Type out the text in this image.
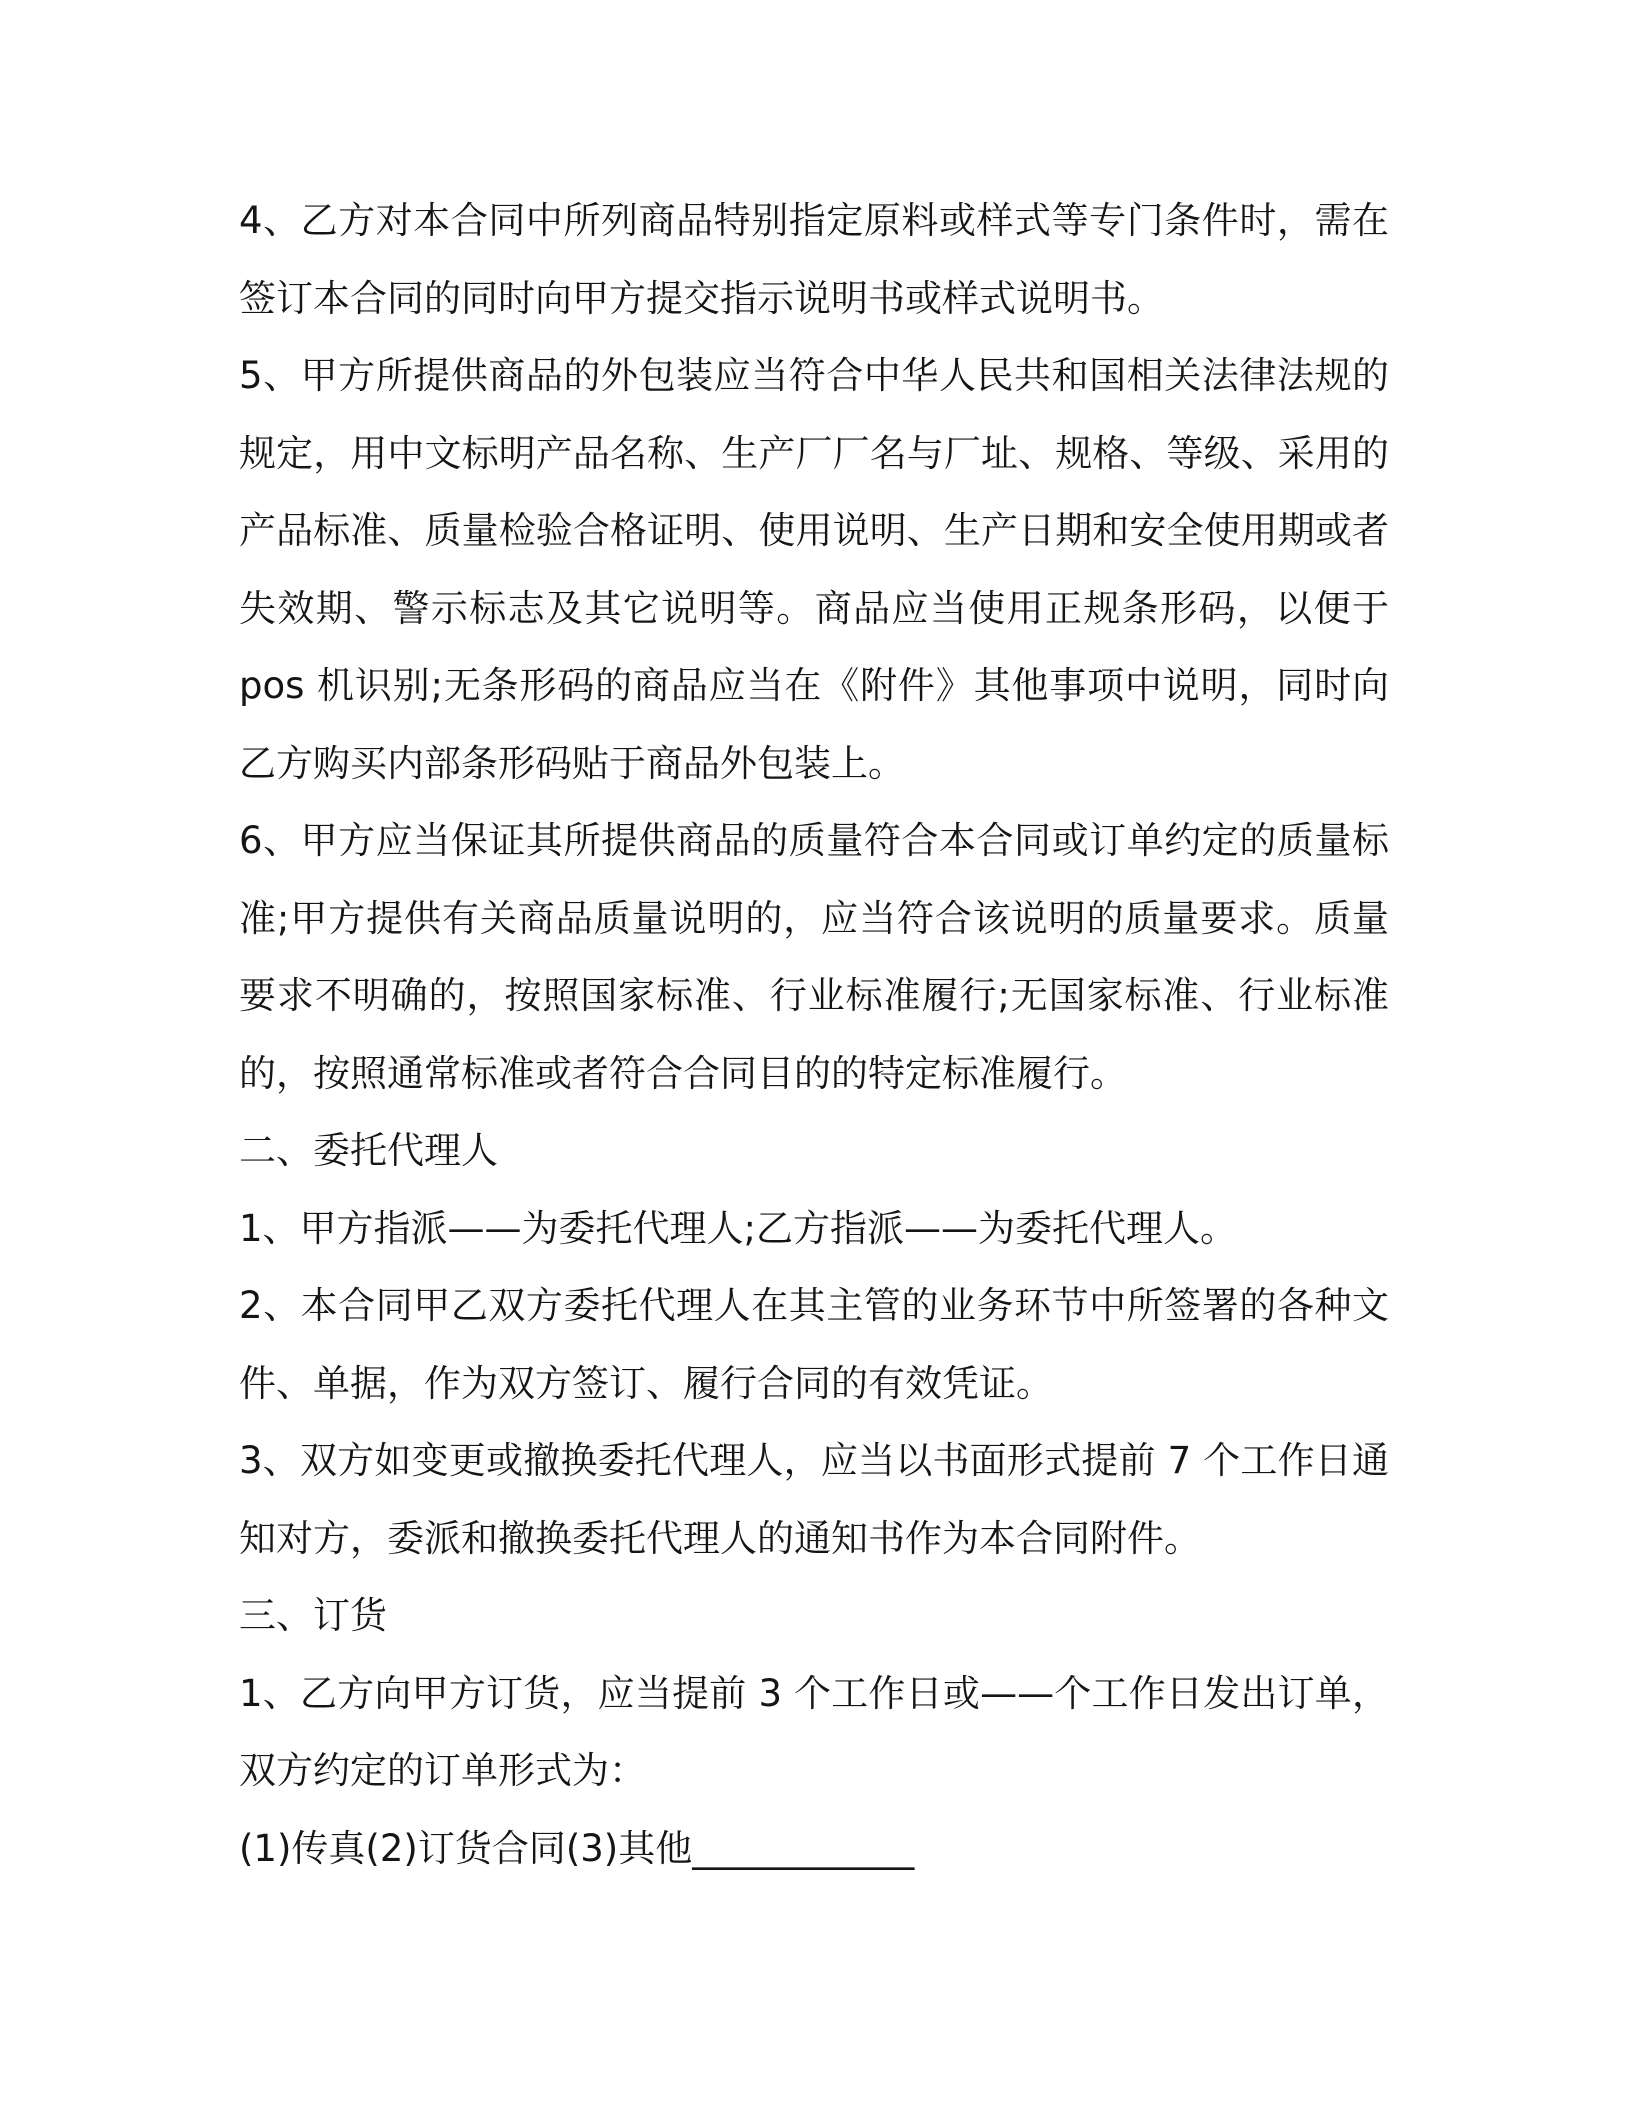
4、乙方对本合同中所列商品特别指定原料或样式等专门条件时，需在签订本合同的同时向甲方提交指示说明书或样式说明书。

5、甲方所提供商品的外包装应当符合中华人民共和国相关法律法规的规定，用中文标明产品名称、生产厂厂名与厂址、规格、等级、采用的产品标准、质量检验合格证明、使用说明、生产日期和安全使用期或者失效期、警示标志及其它说明等。商品应当使用正规条形码，以便于 pos 机识别;无条形码的商品应当在《附件》其他事项中说明，同时向乙方购买内部条形码贴于商品外包装上。

6、甲方应当保证其所提供商品的质量符合本合同或订单约定的质量标准;甲方提供有关商品质量说明的，应当符合该说明的质量要求。质量要求不明确的，按照国家标准、行业标准履行;无国家标准、行业标准的，按照通常标准或者符合合同目的的特定标准履行。

二、委托代理人

1、甲方指派——为委托代理人;乙方指派——为委托代理人。

2、本合同甲乙双方委托代理人在其主管的业务环节中所签署的各种文件、单据，作为双方签订、履行合同的有效凭证。

3、双方如变更或撤换委托代理人，应当以书面形式提前 7 个工作日通知对方，委派和撤换委托代理人的通知书作为本合同附件。

三、订货

1、乙方向甲方订货，应当提前 3 个工作日或——个工作日发出订单，双方约定的订单形式为：

(1)传真(2)订货合同(3)其他____________
